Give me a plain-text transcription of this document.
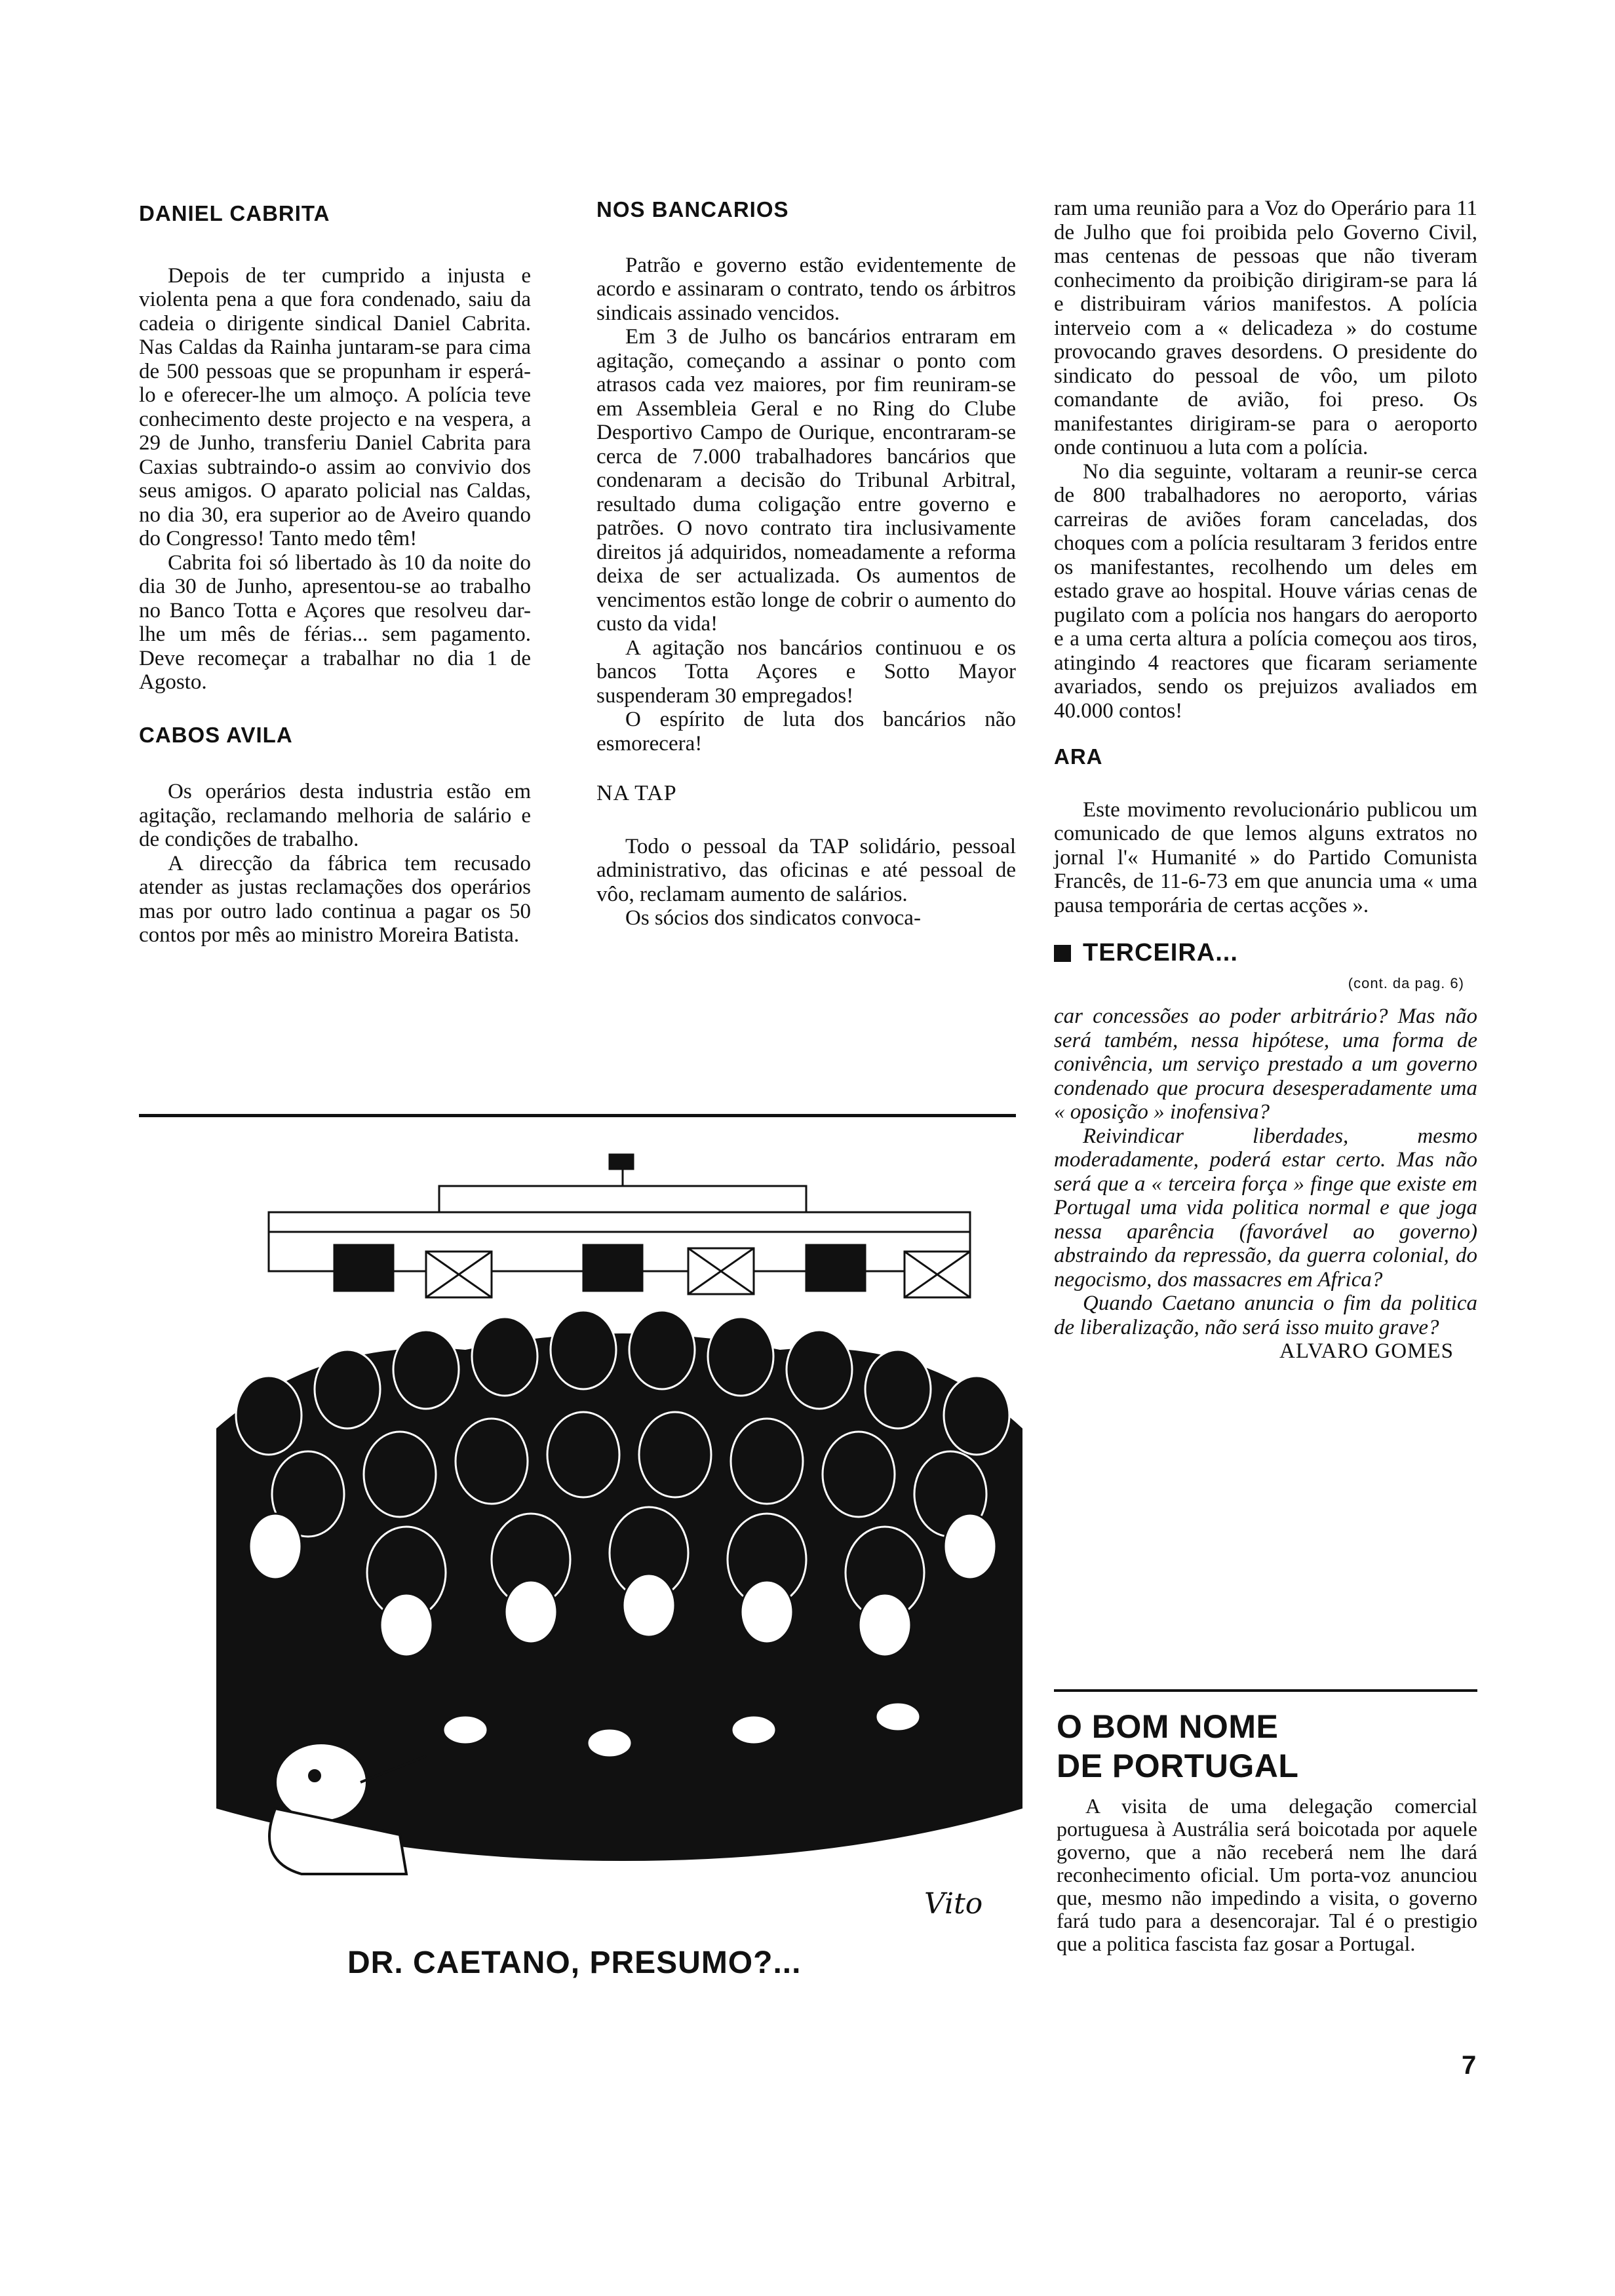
DANIEL CABRITA

Depois de ter cumprido a injusta e violenta pena a que fora condenado, saiu da cadeia o dirigente sindical Daniel Cabrita. Nas Caldas da Rainha juntaram-se para cima de 500 pessoas que se propunham ir esperá-lo e oferecer-lhe um almoço. A polícia teve conhecimento deste projecto e na vespera, a 29 de Junho, transferiu Daniel Cabrita para Caxias subtraindo-o assim ao convivio dos seus amigos. O aparato policial nas Caldas, no dia 30, era superior ao de Aveiro quando do Congresso! Tanto medo têm!

Cabrita foi só libertado às 10 da noite do dia 30 de Junho, apresentou-se ao trabalho no Banco Totta e Açores que resolveu dar-lhe um mês de férias... sem pagamento. Deve recomeçar a trabalhar no dia 1 de Agosto.

CABOS AVILA

Os operários desta industria estão em agitação, reclamando melhoria de salário e de condições de trabalho.

A direcção da fábrica tem recusado atender as justas reclamações dos operários mas por outro lado continua a pagar os 50 contos por mês ao ministro Moreira Batista.

NOS BANCARIOS

Patrão e governo estão evidentemente de acordo e assinaram o contrato, tendo os árbitros sindicais assinado vencidos.

Em 3 de Julho os bancários entraram em agitação, começando a assinar o ponto com atrasos cada vez maiores, por fim reuniram-se em Assembleia Geral e no Ring do Clube Desportivo Campo de Ourique, encontraram-se cerca de 7.000 trabalhadores bancários que condenaram a decisão do Tribunal Arbitral, resultado duma coligação entre governo e patrões. O novo contrato tira inclusivamente direitos já adquiridos, nomeadamente a reforma deixa de ser actualizada. Os aumentos de vencimentos estão longe de cobrir o aumento do custo da vida!

A agitação nos bancários continuou e os bancos Totta Açores e Sotto Mayor suspenderam 30 empregados!

O espírito de luta dos bancários não esmorecera!

NA TAP

Todo o pessoal da TAP solidário, pessoal administrativo, das oficinas e até pessoal de vôo, reclamam aumento de salários.

Os sócios dos sindicatos convoca-

ram uma reunião para a Voz do Operário para 11 de Julho que foi proibida pelo Governo Civil, mas centenas de pessoas que não tiveram conhecimento da proibição dirigiram-se para lá e distribuiram vários manifestos. A polícia interveio com a « delicadeza » do costume provocando graves desordens. O presidente do sindicato do pessoal de vôo, um piloto comandante de avião, foi preso. Os manifestantes dirigiram-se para o aeroporto onde continuou a luta com a polícia.

No dia seguinte, voltaram a reunir-se cerca de 800 trabalhadores no aeroporto, várias carreiras de aviões foram canceladas, dos choques com a polícia resultaram 3 feridos entre os manifestantes, recolhendo um deles em estado grave ao hospital. Houve várias cenas de pugilato com a polícia nos hangars do aeroporto e a uma certa altura a polícia começou aos tiros, atingindo 4 reactores que ficaram seriamente avariados, sendo os prejuizos avaliados em 40.000 contos!

ARA

Este movimento revolucionário publicou um comunicado de que lemos alguns extratos no jornal l'« Humanité » do Partido Comunista Francês, de 11-6-73 em que anuncia uma « uma pausa temporária de certas acções ».

TERCEIRA...
(cont. da pag. 6)

car concessões ao poder arbitrário? Mas não será também, nessa hipótese, uma forma de conivência, um serviço prestado a um governo condenado que procura desesperadamente uma « oposição » inofensiva?

Reivindicar liberdades, mesmo moderadamente, poderá estar certo. Mas não será que a « terceira força » finge que existe em Portugal uma vida politica normal e que joga nessa aparência (favorável ao governo) abstraindo da repressão, da guerra colonial, do negocismo, dos massacres em Africa?

Quando Caetano anuncia o fim da politica de liberalização, não será isso muito grave?

ALVARO GOMES

O BOM NOME
DE PORTUGAL

A visita de uma delegação comercial portuguesa à Austrália será boicotada por aquele governo, que a não receberá nem lhe dará reconhecimento oficial. Um porta-voz anunciou que, mesmo não impedindo a visita, o governo fará tudo para a desencorajar. Tal é o prestigio que a politica fascista faz gosar a Portugal.

Vito
DR. CAETANO, PRESUMO?...
7
